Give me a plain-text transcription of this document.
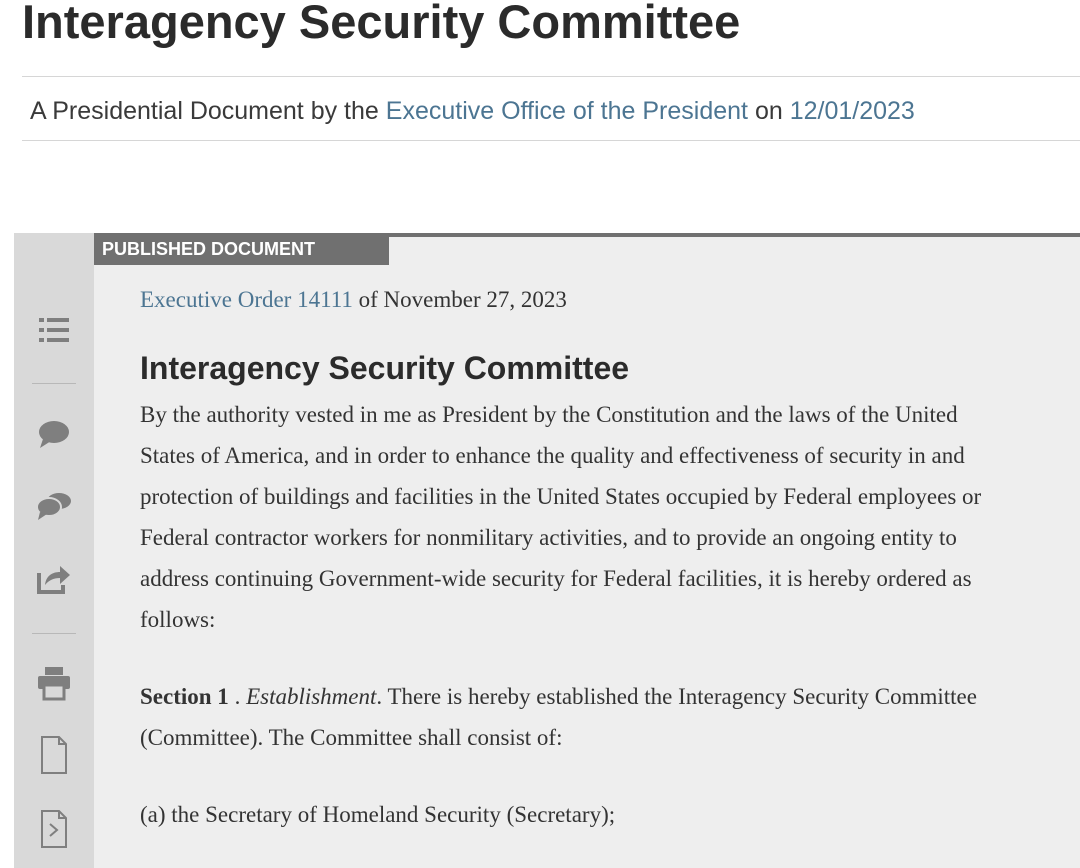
Interagency Security Committee
A Presidential Document by the Executive Office of the President on 12/01/2023
PUBLISHED DOCUMENT
Executive Order 14111 of November 27, 2023
Interagency Security Committee

By the authority vested in me as President by the Constitution and the laws of the United States of America, and in order to enhance the quality and effectiveness of security in and protection of buildings and facilities in the United States occupied by Federal employees or Federal contractor workers for nonmilitary activities, and to provide an ongoing entity to address continuing Government-wide security for Federal facilities, it is hereby ordered as follows:

Section 1 . Establishment. There is hereby established the Interagency Security Committee (Committee). The Committee shall consist of:

(a) the Secretary of Homeland Security (Secretary);
